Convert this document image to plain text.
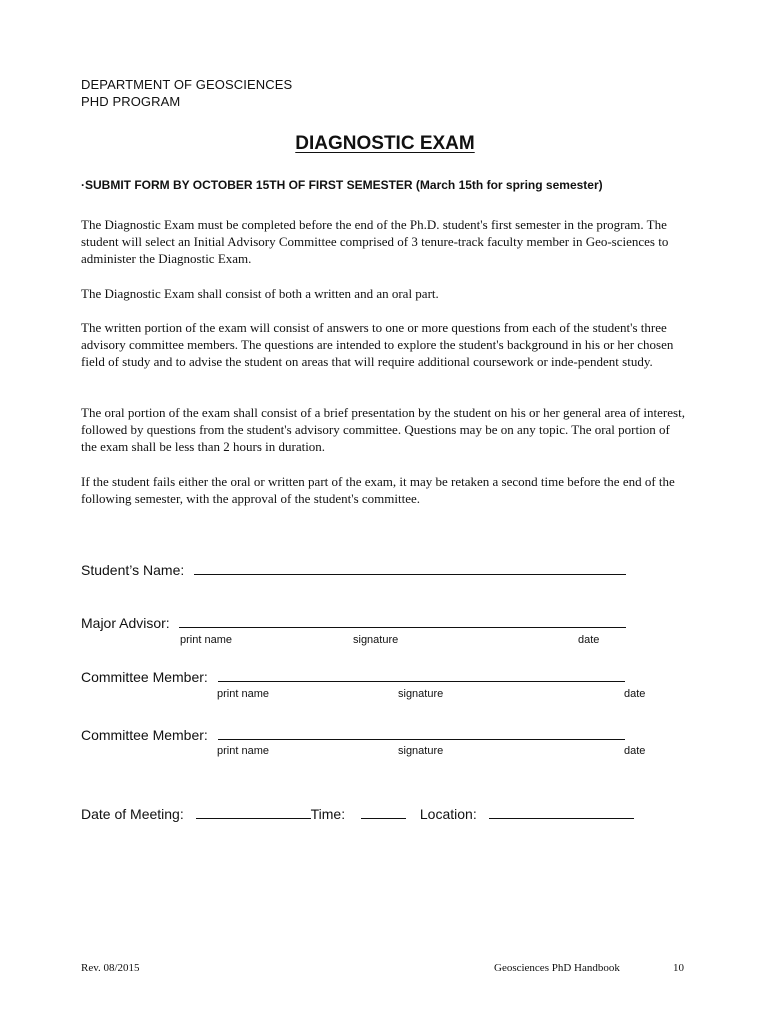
DEPARTMENT OF GEOSCIENCES
PHD PROGRAM
DIAGNOSTIC EXAM
·SUBMIT FORM BY OCTOBER 15TH OF FIRST SEMESTER (March 15th for spring semester)
The Diagnostic Exam must be completed before the end of the Ph.D. student's first semester in the program. The student will select an Initial Advisory Committee comprised of 3 tenure-track faculty member in Geo-sciences to administer the Diagnostic Exam.
The Diagnostic Exam shall consist of both a written and an oral part.
The written portion of the exam will consist of answers to one or more questions from each of the student's three advisory committee members. The questions are intended to explore the student's background in his or her chosen field of study and to advise the student on areas that will require additional coursework or inde-pendent study.
The oral portion of the exam shall consist of a brief presentation by the student on his or her general area of interest, followed by questions from the student's advisory committee. Questions may be on any topic. The oral portion of the exam shall be less than 2 hours in duration.
If the student fails either the oral or written part of the exam, it may be retaken a second time before the end of the following semester, with the approval of the student's committee.
Student’s Name:
Major Advisor:
print name	signature	date
Committee Member:
print name	signature	date
Committee Member:
print name	signature	date
Date of Meeting:	Time:	Location:
Rev. 08/2015	Geosciences PhD Handbook	10
